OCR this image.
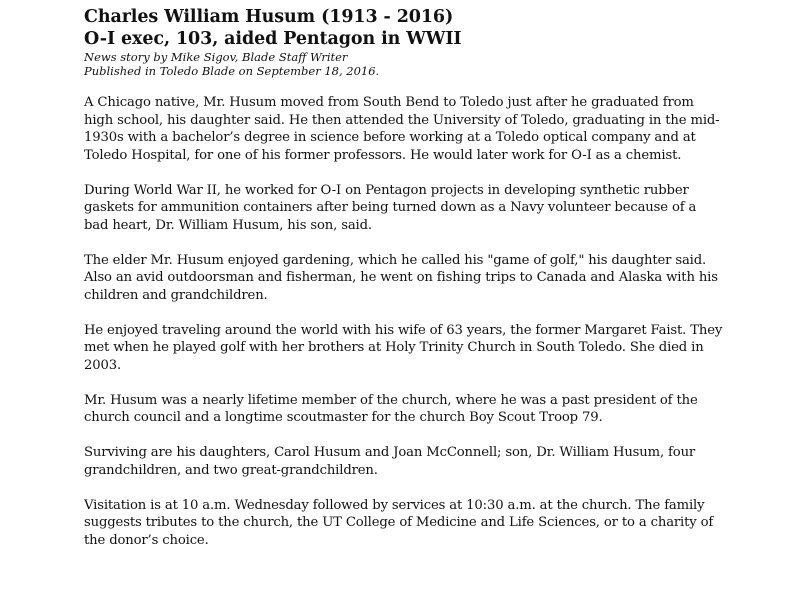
Charles William Husum (1913 - 2016)
O-I exec, 103, aided Pentagon in WWII

News story by Mike Sigov, Blade Staff Writer

Published in Toledo Blade on September 18, 2016.

A Chicago native, Mr. Husum moved from South Bend to Toledo just after he graduated from high school, his daughter said. He then attended the University of Toledo, graduating in the mid-1930s with a bachelor’s degree in science before working at a Toledo optical company and at Toledo Hospital, for one of his former professors. He would later work for O-I as a chemist.

During World War II, he worked for O-I on Pentagon projects in developing synthetic rubber gaskets for ammunition containers after being turned down as a Navy volunteer because of a bad heart, Dr. William Husum, his son, said.

The elder Mr. Husum enjoyed gardening, which he called his "game of golf," his daughter said. Also an avid outdoorsman and fisherman, he went on fishing trips to Canada and Alaska with his children and grandchildren.

He enjoyed traveling around the world with his wife of 63 years, the former Margaret Faist. They met when he played golf with her brothers at Holy Trinity Church in South Toledo. She died in 2003.

Mr. Husum was a nearly lifetime member of the church, where he was a past president of the church council and a longtime scoutmaster for the church Boy Scout Troop 79.

Surviving are his daughters, Carol Husum and Joan McConnell; son, Dr. William Husum, four grandchildren, and two great-grandchildren.

Visitation is at 10 a.m. Wednesday followed by services at 10:30 a.m. at the church. The family suggests tributes to the church, the UT College of Medicine and Life Sciences, or to a charity of the donor’s choice.
